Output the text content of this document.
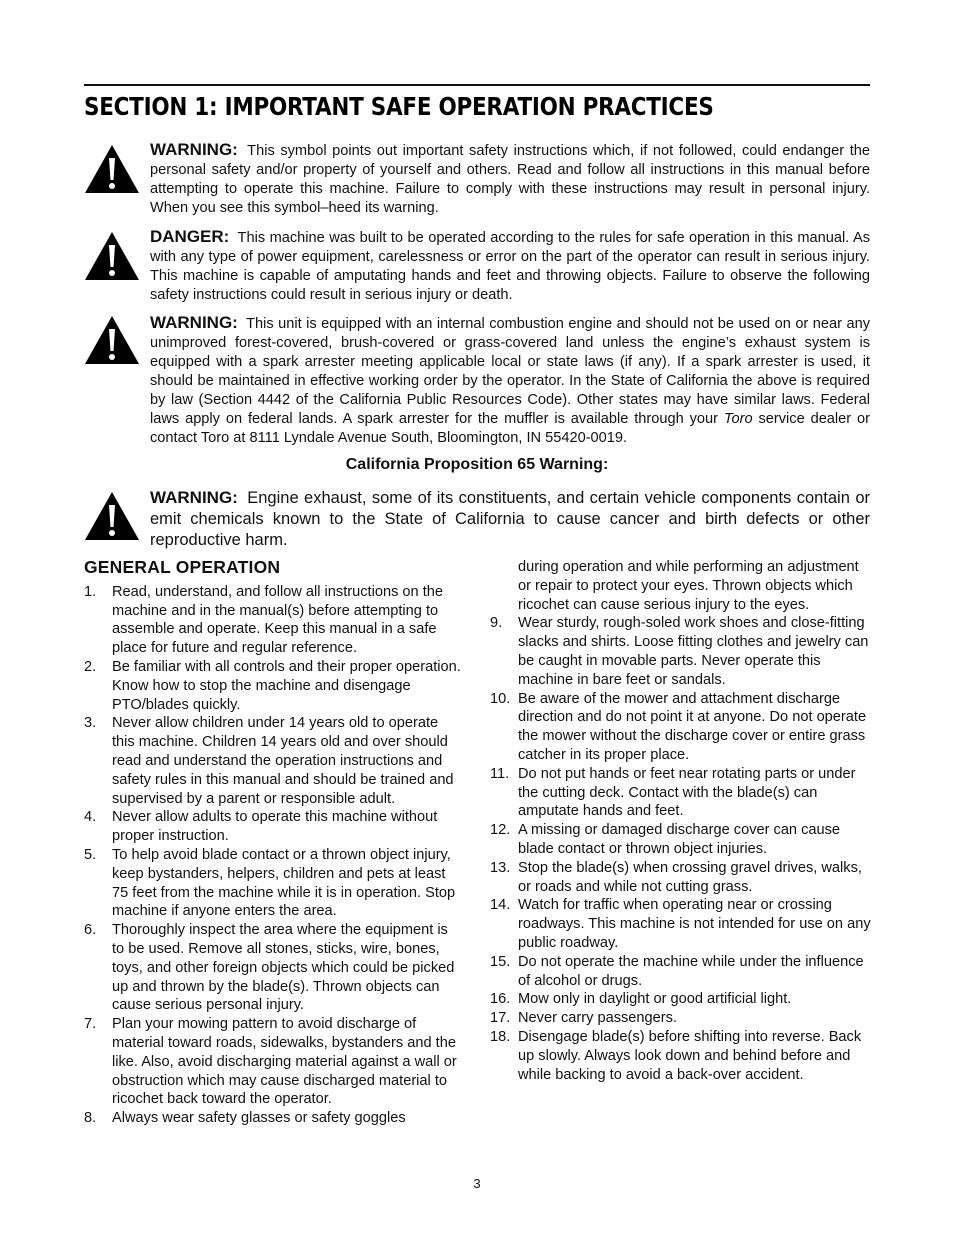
SECTION 1: IMPORTANT SAFE OPERATION PRACTICES
WARNING: This symbol points out important safety instructions which, if not followed, could endanger the personal safety and/or property of yourself and others. Read and follow all instructions in this manual before attempting to operate this machine. Failure to comply with these instructions may result in personal injury. When you see this symbol–heed its warning.
DANGER: This machine was built to be operated according to the rules for safe operation in this manual. As with any type of power equipment, carelessness or error on the part of the operator can result in serious injury. This machine is capable of amputating hands and feet and throwing objects. Failure to observe the following safety instructions could result in serious injury or death.
WARNING: This unit is equipped with an internal combustion engine and should not be used on or near any unimproved forest-covered, brush-covered or grass-covered land unless the engine’s exhaust system is equipped with a spark arrester meeting applicable local or state laws (if any). If a spark arrester is used, it should be maintained in effective working order by the operator. In the State of California the above is required by law (Section 4442 of the California Public Resources Code). Other states may have similar laws. Federal laws apply on federal lands. A spark arrester for the muffler is available through your Toro service dealer or contact Toro at 8111 Lyndale Avenue South, Bloomington, IN 55420-0019.
California Proposition 65 Warning:
WARNING: Engine exhaust, some of its constituents, and certain vehicle components contain or emit chemicals known to the State of California to cause cancer and birth defects or other reproductive harm.
GENERAL OPERATION
1.	Read, understand, and follow all instructions on the machine and in the manual(s) before attempting to assemble and operate. Keep this manual in a safe place for future and regular reference.
2.	Be familiar with all controls and their proper operation. Know how to stop the machine and disengage PTO/blades quickly.
3.	Never allow children under 14 years old to operate this machine. Children 14 years old and over should read and understand the operation instructions and safety rules in this manual and should be trained and supervised by a parent or responsible adult.
4.	Never allow adults to operate this machine without proper instruction.
5.	To help avoid blade contact or a thrown object injury, keep bystanders, helpers, children and pets at least 75 feet from the machine while it is in operation. Stop machine if anyone enters the area.
6.	Thoroughly inspect the area where the equipment is to be used. Remove all stones, sticks, wire, bones, toys, and other foreign objects which could be picked up and thrown by the blade(s). Thrown objects can cause serious personal injury.
7.	Plan your mowing pattern to avoid discharge of material toward roads, sidewalks, bystanders and the like. Also, avoid discharging material against a wall or obstruction which may cause discharged material to ricochet back toward the operator.
8.	Always wear safety glasses or safety goggles
during operation and while performing an adjustment or repair to protect your eyes. Thrown objects which ricochet can cause serious injury to the eyes.
9.	Wear sturdy, rough-soled work shoes and close-fitting slacks and shirts. Loose fitting clothes and jewelry can be caught in movable parts. Never operate this machine in bare feet or sandals.
10. Be aware of the mower and attachment discharge direction and do not point it at anyone. Do not operate the mower without the discharge cover or entire grass catcher in its proper place.
11. Do not put hands or feet near rotating parts or under the cutting deck. Contact with the blade(s) can amputate hands and feet.
12. A missing or damaged discharge cover can cause blade contact or thrown object injuries.
13. Stop the blade(s) when crossing gravel drives, walks, or roads and while not cutting grass.
14. Watch for traffic when operating near or crossing roadways. This machine is not intended for use on any public roadway.
15. Do not operate the machine while under the influence of alcohol or drugs.
16. Mow only in daylight or good artificial light.
17. Never carry passengers.
18. Disengage blade(s) before shifting into reverse. Back up slowly. Always look down and behind before and while backing to avoid a back-over accident.
3
